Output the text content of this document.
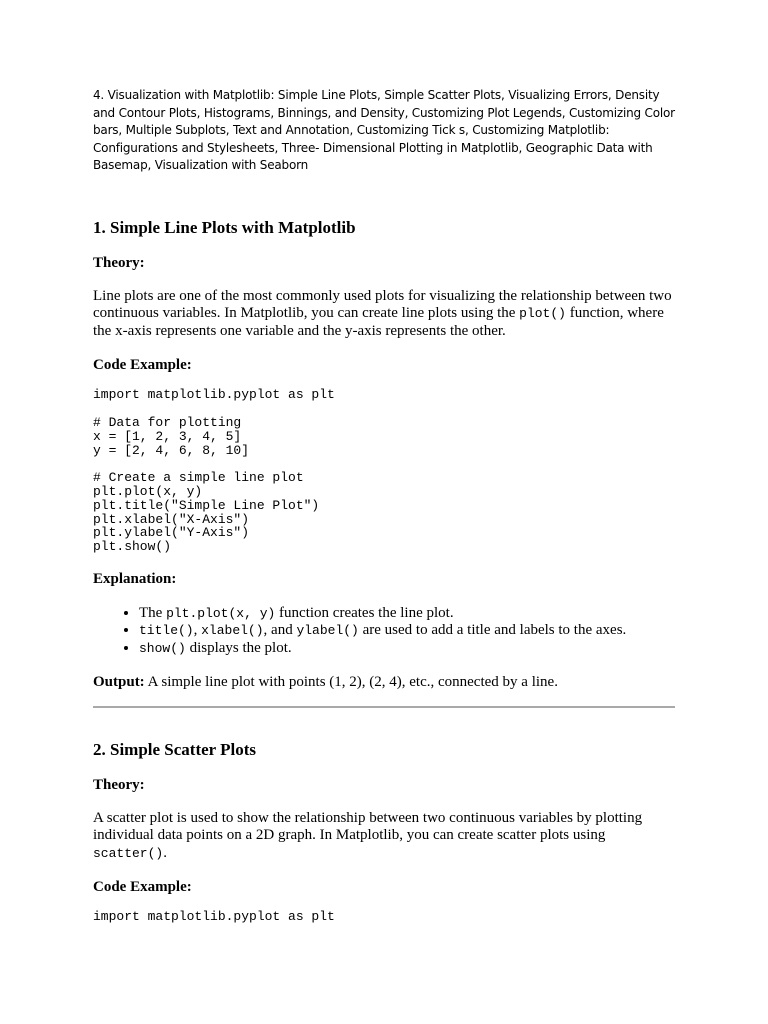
4. Visualization with Matplotlib: Simple Line Plots, Simple Scatter Plots, Visualizing Errors, Density and Contour Plots, Histograms, Binnings, and Density, Customizing Plot Legends, Customizing Color bars, Multiple Subplots, Text and Annotation, Customizing Tick s, Customizing Matplotlib: Configurations and Stylesheets, Three- Dimensional Plotting in Matplotlib, Geographic Data with Basemap, Visualization with Seaborn

1. Simple Line Plots with Matplotlib

Theory:

Line plots are one of the most commonly used plots for visualizing the relationship between two continuous variables. In Matplotlib, you can create line plots using the plot() function, where the x-axis represents one variable and the y-axis represents the other.

Code Example:

import matplotlib.pyplot as plt

# Data for plotting
x = [1, 2, 3, 4, 5]
y = [2, 4, 6, 8, 10]

# Create a simple line plot
plt.plot(x, y)
plt.title("Simple Line Plot")
plt.xlabel("X-Axis")
plt.ylabel("Y-Axis")
plt.show()

Explanation:

• The plt.plot(x, y) function creates the line plot.
• title(), xlabel(), and ylabel() are used to add a title and labels to the axes.
• show() displays the plot.

Output: A simple line plot with points (1, 2), (2, 4), etc., connected by a line.

2. Simple Scatter Plots

Theory:

A scatter plot is used to show the relationship between two continuous variables by plotting individual data points on a 2D graph. In Matplotlib, you can create scatter plots using scatter().

Code Example:

import matplotlib.pyplot as plt
